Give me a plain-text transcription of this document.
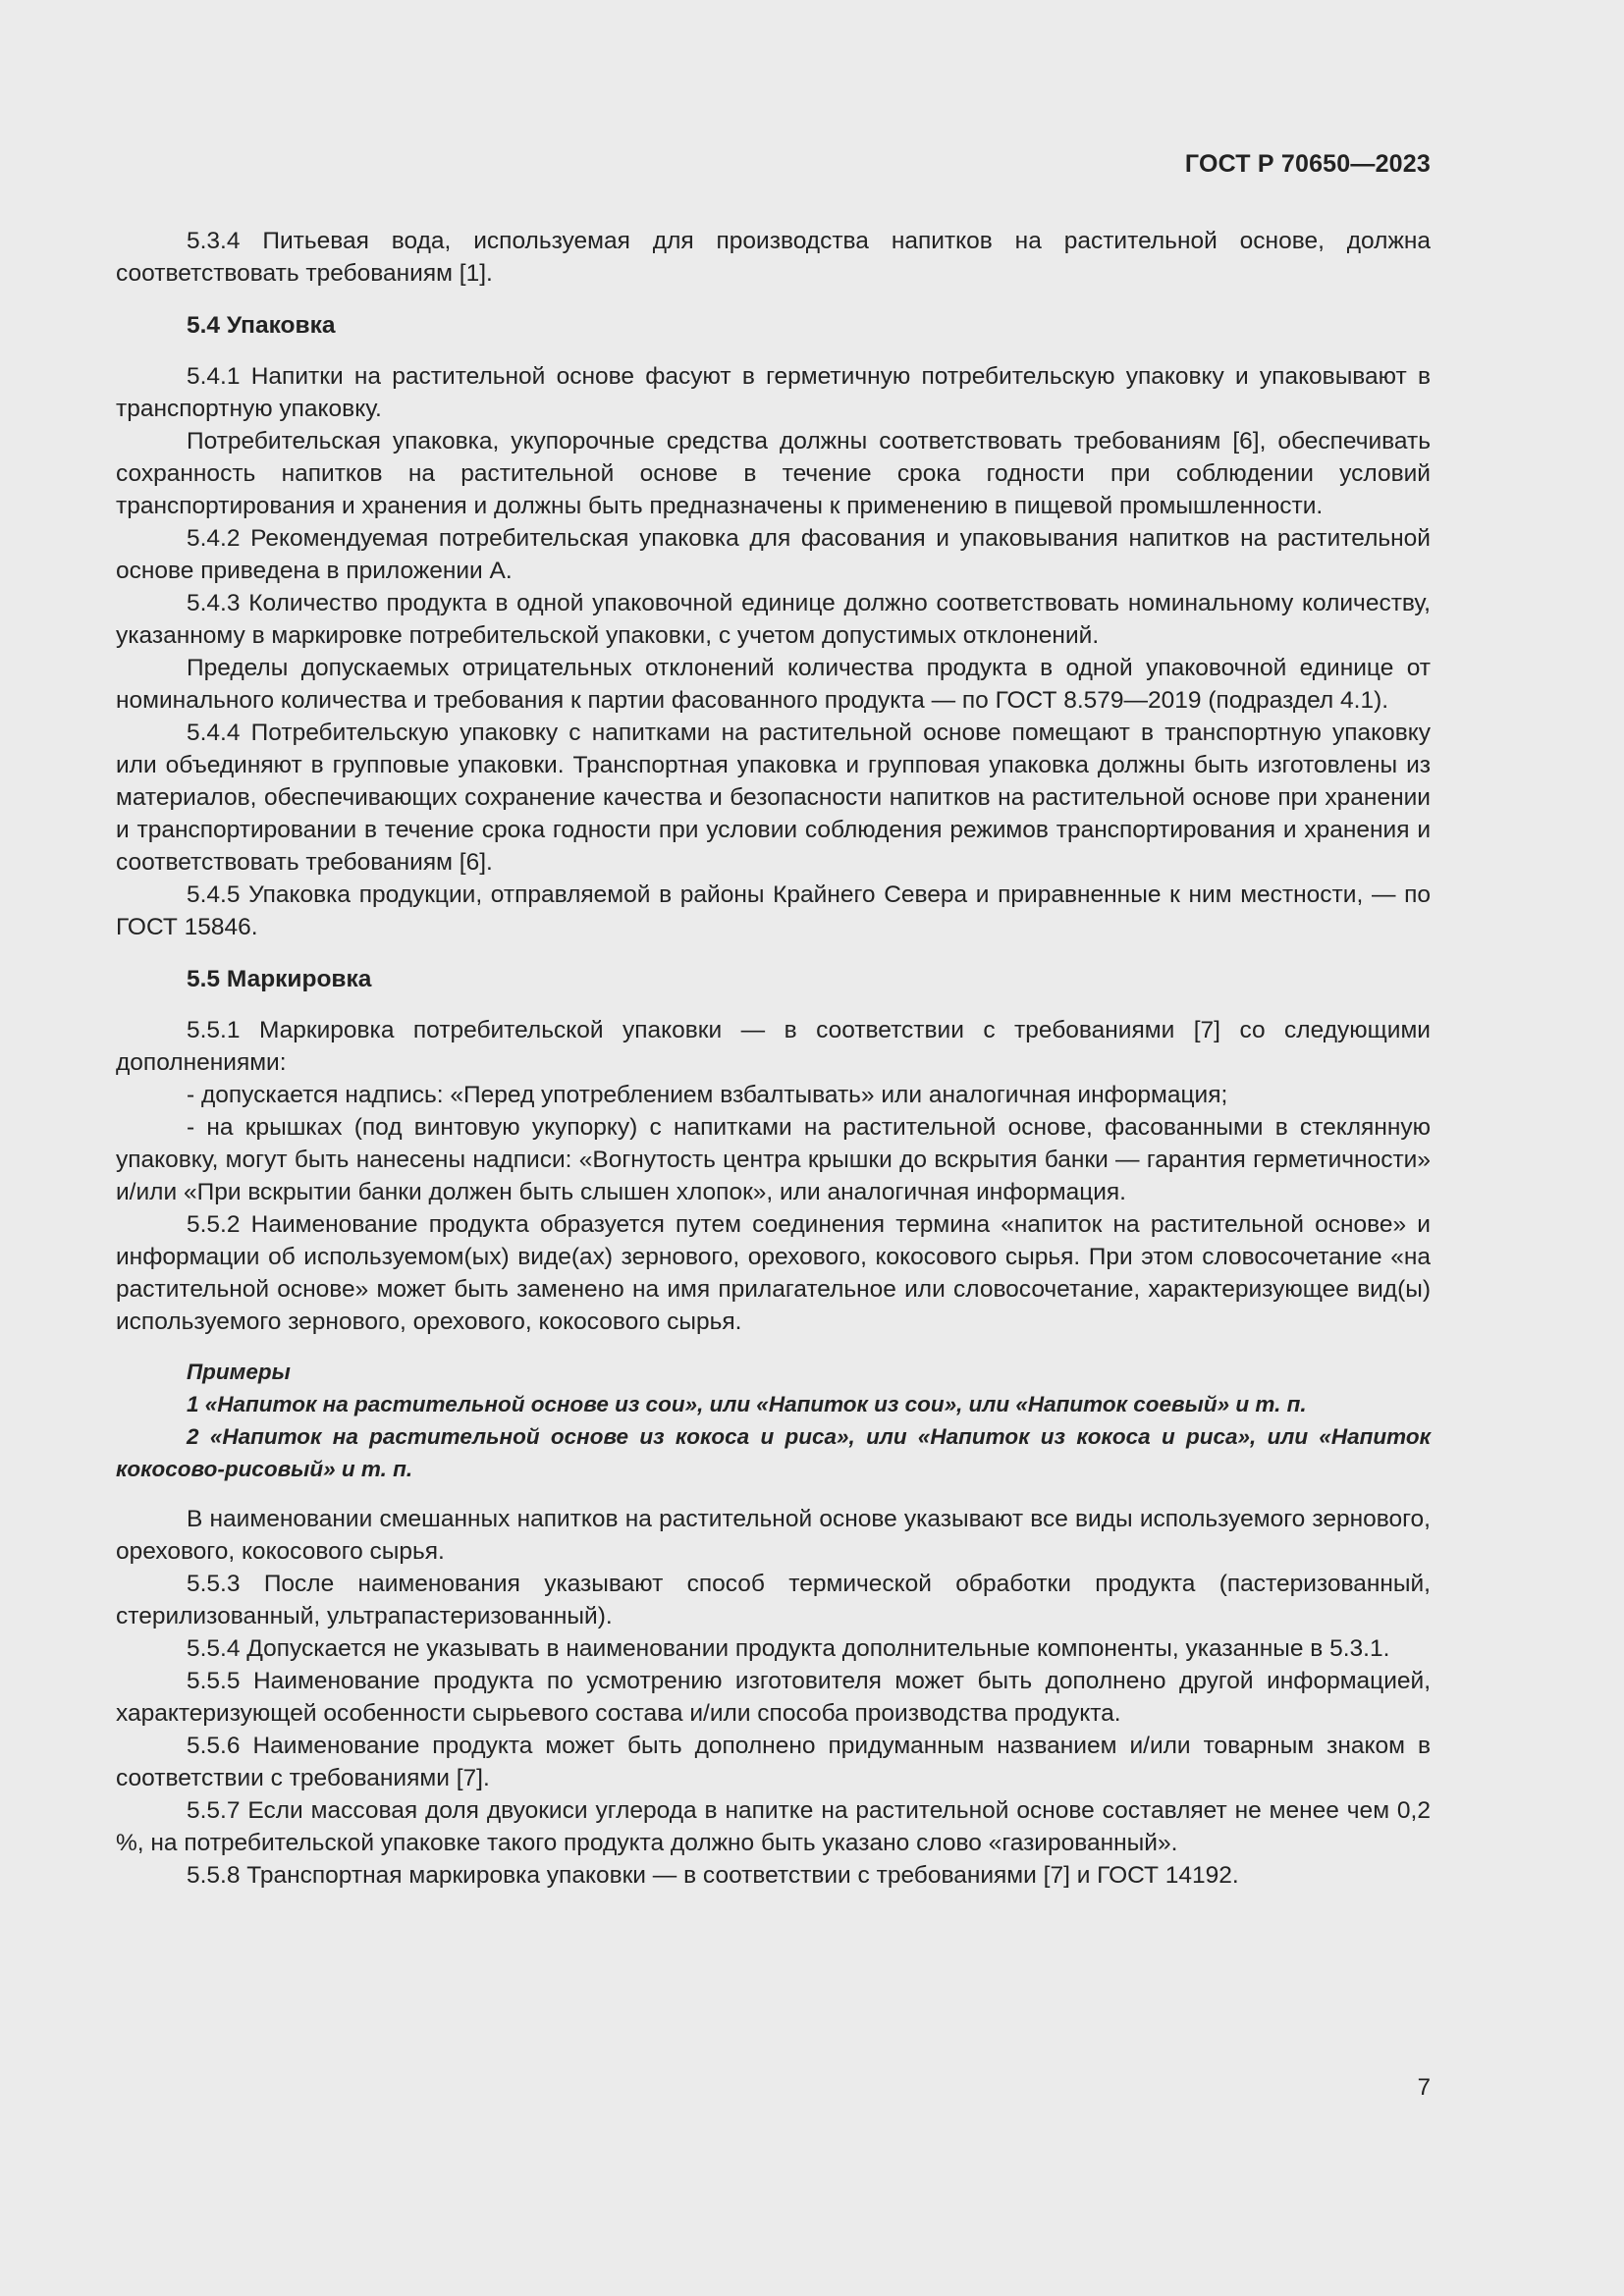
ГОСТ Р 70650—2023

5.3.4 Питьевая вода, используемая для производства напитков на растительной основе, должна соответствовать требованиям [1].

5.4 Упаковка

5.4.1 Напитки на растительной основе фасуют в герметичную потребительскую упаковку и упаковывают в транспортную упаковку.

Потребительская упаковка, укупорочные средства должны соответствовать требованиям [6], обеспечивать сохранность напитков на растительной основе в течение срока годности при соблюдении условий транспортирования и хранения и должны быть предназначены к применению в пищевой промышленности.

5.4.2 Рекомендуемая потребительская упаковка для фасования и упаковывания напитков на растительной основе приведена в приложении А.

5.4.3 Количество продукта в одной упаковочной единице должно соответствовать номинальному количеству, указанному в маркировке потребительской упаковки, с учетом допустимых отклонений.

Пределы допускаемых отрицательных отклонений количества продукта в одной упаковочной единице от номинального количества и требования к партии фасованного продукта — по ГОСТ 8.579—2019 (подраздел 4.1).

5.4.4 Потребительскую упаковку с напитками на растительной основе помещают в транспортную упаковку или объединяют в групповые упаковки. Транспортная упаковка и групповая упаковка должны быть изготовлены из материалов, обеспечивающих сохранение качества и безопасности напитков на растительной основе при хранении и транспортировании в течение срока годности при условии соблюдения режимов транспортирования и хранения и соответствовать требованиям [6].

5.4.5 Упаковка продукции, отправляемой в районы Крайнего Севера и приравненные к ним местности, — по ГОСТ 15846.

5.5 Маркировка

5.5.1 Маркировка потребительской упаковки — в соответствии с требованиями [7] со следующими дополнениями:

- допускается надпись: «Перед употреблением взбалтывать» или аналогичная информация;

- на крышках (под винтовую укупорку) с напитками на растительной основе, фасованными в стеклянную упаковку, могут быть нанесены надписи: «Вогнутость центра крышки до вскрытия банки — гарантия герметичности» и/или «При вскрытии банки должен быть слышен хлопок», или аналогичная информация.

5.5.2 Наименование продукта образуется путем соединения термина «напиток на растительной основе» и информации об используемом(ых) виде(ах) зернового, орехового, кокосового сырья. При этом словосочетание «на растительной основе» может быть заменено на имя прилагательное или словосочетание, характеризующее вид(ы) используемого зернового, орехового, кокосового сырья.

Примеры

1 «Напиток на растительной основе из сои», или «Напиток из сои», или «Напиток соевый» и т. п.

2 «Напиток на растительной основе из кокоса и риса», или «Напиток из кокоса и риса», или «Напиток кокосово-рисовый» и т. п.

В наименовании смешанных напитков на растительной основе указывают все виды используемого зернового, орехового, кокосового сырья.

5.5.3 После наименования указывают способ термической обработки продукта (пастеризованный, стерилизованный, ультрапастеризованный).

5.5.4 Допускается не указывать в наименовании продукта дополнительные компоненты, указанные в 5.3.1.

5.5.5 Наименование продукта по усмотрению изготовителя может быть дополнено другой информацией, характеризующей особенности сырьевого состава и/или способа производства продукта.

5.5.6 Наименование продукта может быть дополнено придуманным названием и/или товарным знаком в соответствии с требованиями [7].

5.5.7 Если массовая доля двуокиси углерода в напитке на растительной основе составляет не менее чем 0,2 %, на потребительской упаковке такого продукта должно быть указано слово «газированный».

5.5.8 Транспортная маркировка упаковки — в соответствии с требованиями [7] и ГОСТ 14192.

7
